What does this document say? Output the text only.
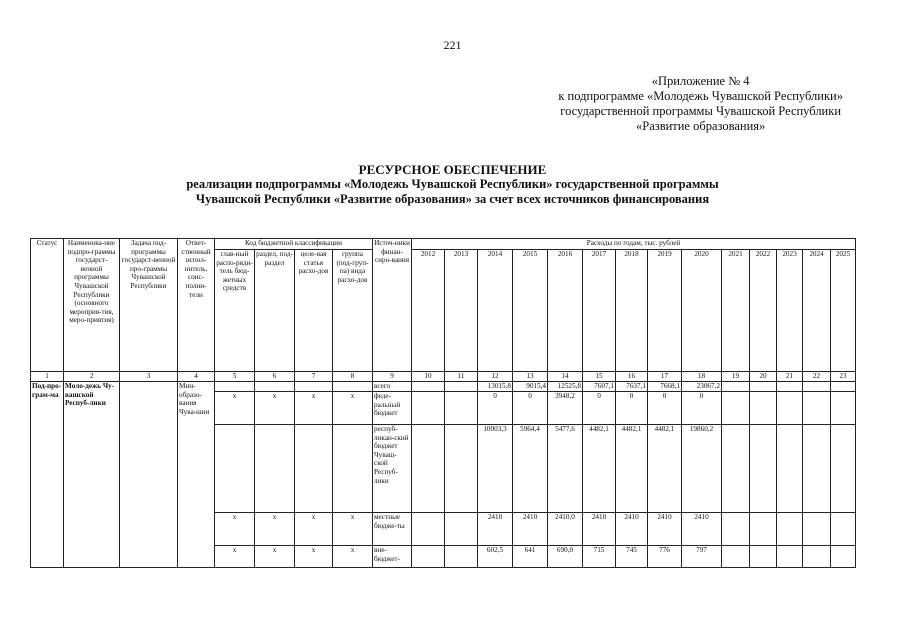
221
«Приложение № 4
к подпрограмме «Молодежь Чувашской Республики»
государственной программы Чувашской Республики
«Развитие образования»
РЕСУРСНОЕ ОБЕСПЕЧЕНИЕ
реализации подпрограммы «Молодежь Чувашской Республики» государственной программы
Чувашской Республики «Развитие образования» за счет всех источников финансирования
Статус	Наименова-ние подпро-граммы государст-венной программы Чувашской Республики (основного мероприя-тия, меро-приятия)	Задача под-программы государст-венной про-граммы Чувашской Республики	Ответ-ственный испол-нитель, соис-полни-тели	Код бюджетной классификации				Источ-ники финан-сиро-вания	Расходы по годам, тыс. рублей													
				глав-ный распо-ряди-тель бюд-жетных средств	раздел, под-раздел	целе-вая статья расхо-дов	группа (под-груп-па) вида расхо-дов		2012	2013	2014	2015	2016	2017	2018	2019	2020	2021	2022	2023	2024	2025
1	2	3	4	5	6	7	8	9	10	11	12	13	14	15	16	17	18	19	20	21	22	23
Под-про-грам-ма	Моло-дежь Чу-вашской Респуб-лики		Мин-образо-вания Чува-шии					всего			13015,8	9015,4	12525,8	7607,1	7637,1	7668,1	23067,2					
				x	x	x	x	феде-ральный бюджет			0	0	3948,2	0	0	0	0					
								респуб-ликан-ский бюджет Чуваш-ской Респуб-лики			10003,3	5964,4	5477,6	4482,1	4482,1	4482,1	19860,2					
				x	x	x	x	местные бюдже-ты			2410	2410	2410,0	2410	2410	2410	2410					
				x	x	x	x	вне-бюджет-			602,5	641	690,0	715	745	776	797					
